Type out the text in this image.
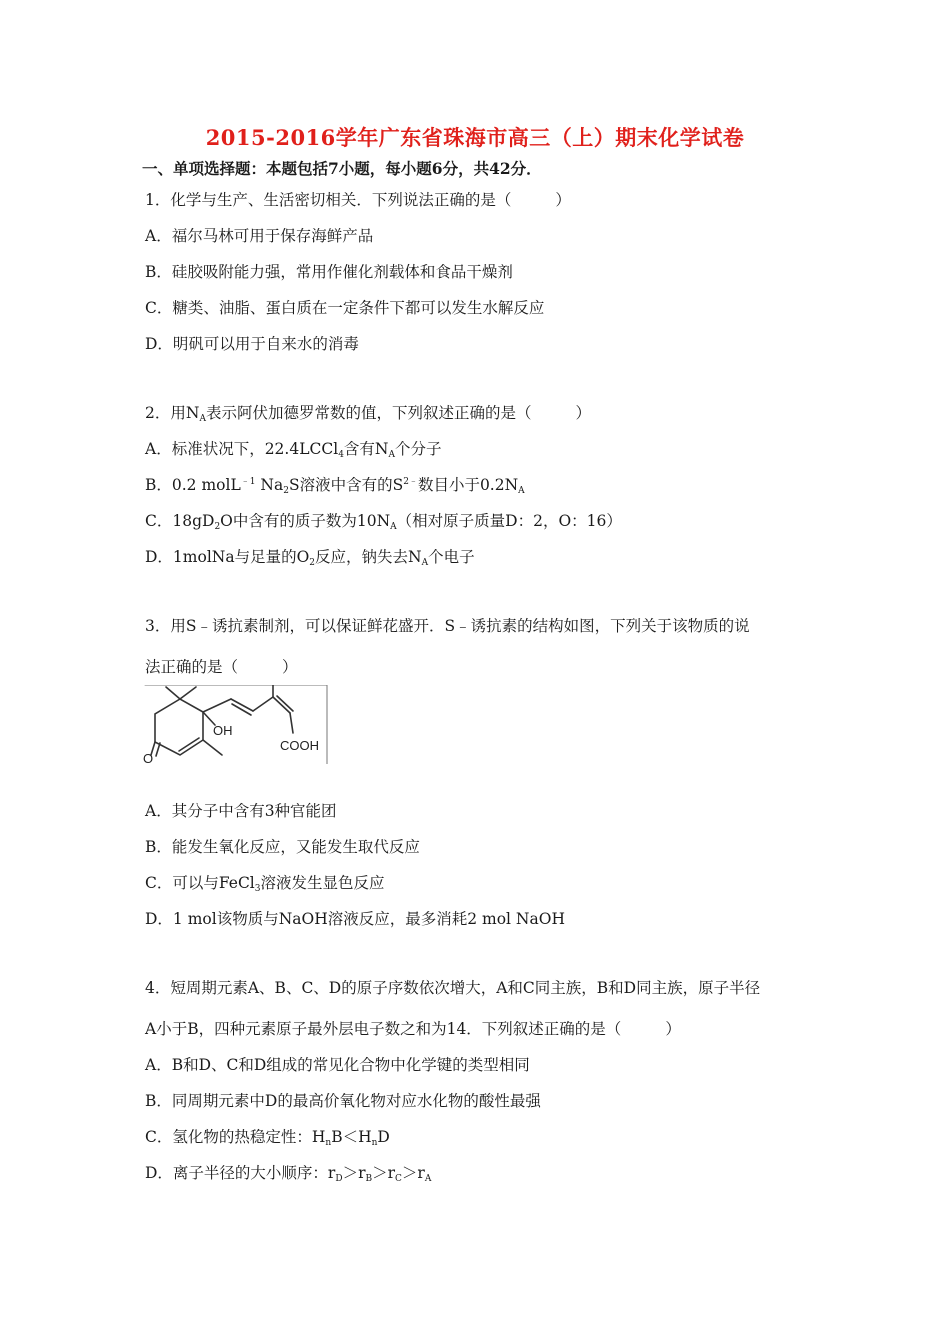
2015-2016学年广东省珠海市高三（上）期末化学试卷
一、单项选择题：本题包括7小题，每小题6分，共42分．
1．化学与生产、生活密切相关．下列说法正确的是（	）
A．福尔马林可用于保存海鲜产品
B．硅胶吸附能力强，常用作催化剂载体和食品干燥剂
C．糖类、油脂、蛋白质在一定条件下都可以发生水解反应
D．明矾可以用于自来水的消毒
2．用$N_A$表示阿伏加德罗常数的值，下列叙述正确的是（	）
A．标准状况下，22.4LCCl$_4$含有$N_A$个分子
B．0.2 molL$^{﹣1}$ $Na_2S$溶液中含有的$S^{2﹣}$数目小于$0.2N_A$
C．$18gD_2O$中含有的质子数为$10N_A$（相对原子质量D：2，O：16）
D．1molNa与足量的$O_2$反应，钠失去$N_A$个电子
3．用S﹣诱抗素制剂，可以保证鲜花盛开．S﹣诱抗素的结构如图，下列关于该物质的说
法正确的是（	）
OH
COOH
O
A．其分子中含有3种官能团
B．能发生氧化反应，又能发生取代反应
C．可以与FeCl$_3$溶液发生显色反应
D．1 mol该物质与NaOH溶液反应，最多消耗2 mol NaOH
4．短周期元素A、B、C、D的原子序数依次增大，A和C同主族，B和D同主族，原子半径
A小于B，四种元素原子最外层电子数之和为14．下列叙述正确的是（	）
A．B和D、C和D组成的常见化合物中化学键的类型相同
B．同周期元素中D的最高价氧化物对应水化物的酸性最强
C．氢化物的热稳定性：$H_nB<H_nD$
D．离子半径的大小顺序：$r_D>r_B>r_C>r_A$
